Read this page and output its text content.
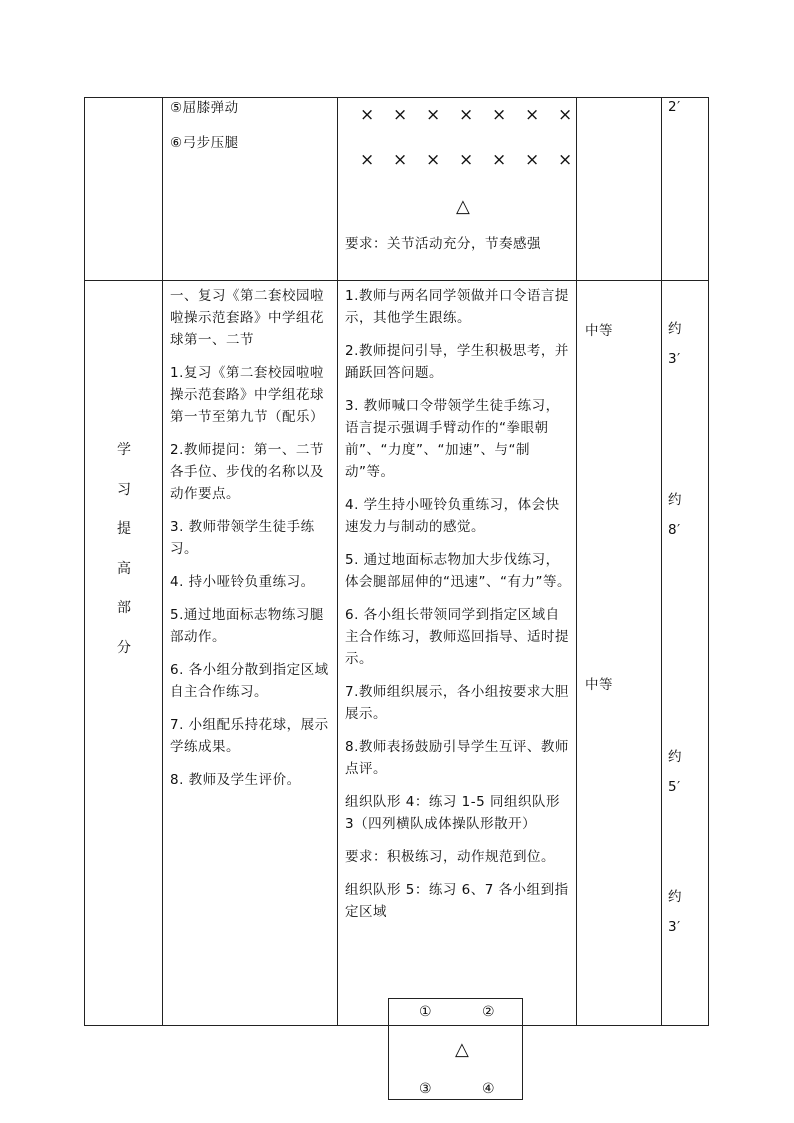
⑤屈膝弹动
⑥弓步压腿
× × × × × × ×
× × × × × × ×
△
要求：关节活动充分，节奏感强
2′
学
习
提
高
部
分

一、复习《第二套校园啦啦操示范套路》中学组花球第一、二节

1.复习《第二套校园啦啦操示范套路》中学组花球第一节至第九节（配乐）

2.教师提问：第一、二节各手位、步伐的名称以及动作要点。

3. 教师带领学生徒手练习。

4. 持小哑铃负重练习。

5.通过地面标志物练习腿部动作。

6. 各小组分散到指定区域自主合作练习。

7. 小组配乐持花球，展示学练成果。

8. 教师及学生评价。

1.教师与两名同学领做并口令语言提示，其他学生跟练。

2.教师提问引导，学生积极思考，并踊跃回答问题。

3. 教师喊口令带领学生徒手练习，语言提示强调手臂动作的“拳眼朝前”、“力度”、“加速”、与“制动”等。

4. 学生持小哑铃负重练习，体会快速发力与制动的感觉。

5. 通过地面标志物加大步伐练习，体会腿部屈伸的“迅速”、“有力”等。

6. 各小组长带领同学到指定区域自主合作练习，教师巡回指导、适时提示。

7.教师组织展示，各小组按要求大胆展示。

8.教师表扬鼓励引导学生互评、教师点评。

组织队形 4：练习 1-5 同组织队形 3（四列横队成体操队形散开）

要求：积极练习，动作规范到位。

组织队形 5：练习 6、7 各小组到指定区域

中等
中等
约
3′
约
8′
约
5′
约
3′
①	②
△
③	④
